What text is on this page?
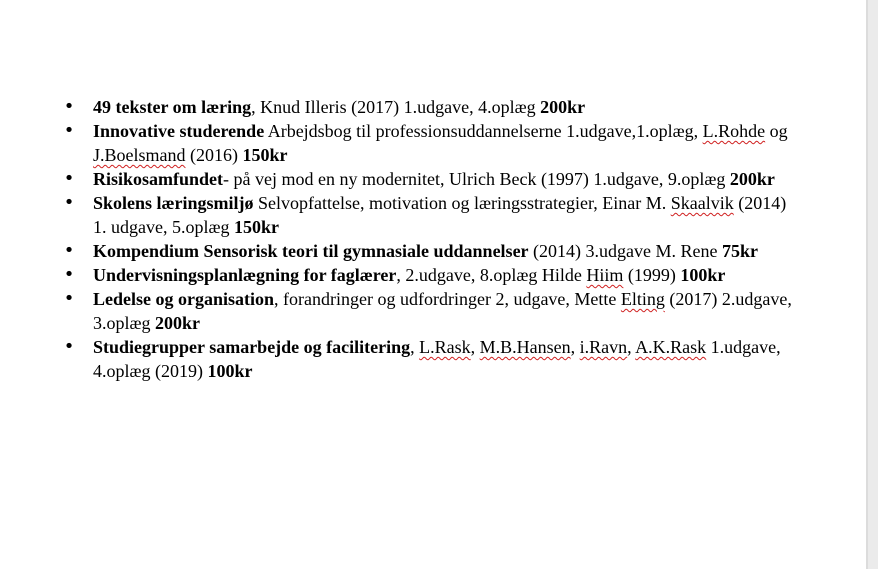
• 49 tekster om læring, Knud Illeris (2017) 1.udgave, 4.oplæg 200kr
• Innovative studerende Arbejdsbog til professionsuddannelserne 1.udgave,1.oplæg, L.Rohde og J.Boelsmand (2016) 150kr
• Risikosamfundet- på vej mod en ny modernitet, Ulrich Beck (1997) 1.udgave, 9.oplæg 200kr
• Skolens læringsmiljø Selvopfattelse, motivation og læringsstrategier, Einar M. Skaalvik (2014) 1. udgave, 5.oplæg 150kr
• Kompendium Sensorisk teori til gymnasiale uddannelser (2014) 3.udgave M. Rene 75kr
• Undervisningsplanlægning for faglærer, 2.udgave, 8.oplæg Hilde Hiim (1999) 100kr
• Ledelse og organisation, forandringer og udfordringer 2, udgave, Mette Elting (2017) 2.udgave, 3.oplæg 200kr
• Studiegrupper samarbejde og facilitering, L.Rask, M.B.Hansen, i.Ravn, A.K.Rask 1.udgave, 4.oplæg (2019) 100kr
